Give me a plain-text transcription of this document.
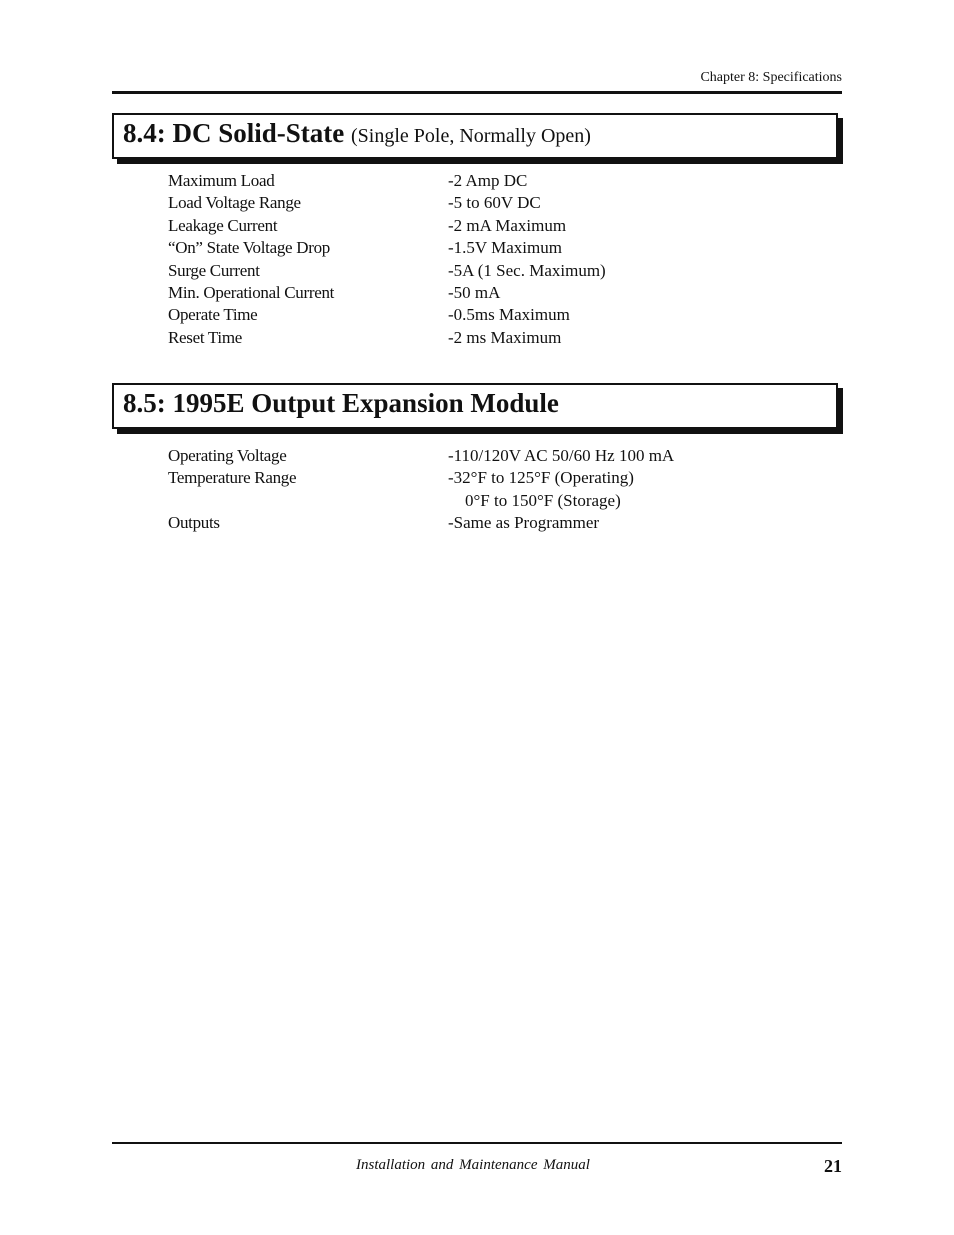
Chapter 8: Specifications
8.4: DC Solid-State (Single Pole, Normally Open)
Maximum Load	-2 Amp DC
Load Voltage Range	-5 to 60V DC
Leakage Current	-2 mA Maximum
“On” State Voltage Drop	-1.5V Maximum
Surge Current	-5A (1 Sec. Maximum)
Min. Operational Current	-50 mA
Operate Time	-0.5ms Maximum
Reset Time	-2 ms Maximum
8.5: 1995E Output Expansion Module
Operating Voltage	-110/120V AC 50/60 Hz 100 mA
Temperature Range	-32°F to 125°F (Operating)
0°F to 150°F (Storage)
Outputs	-Same as Programmer
Installation and Maintenance Manual	21
